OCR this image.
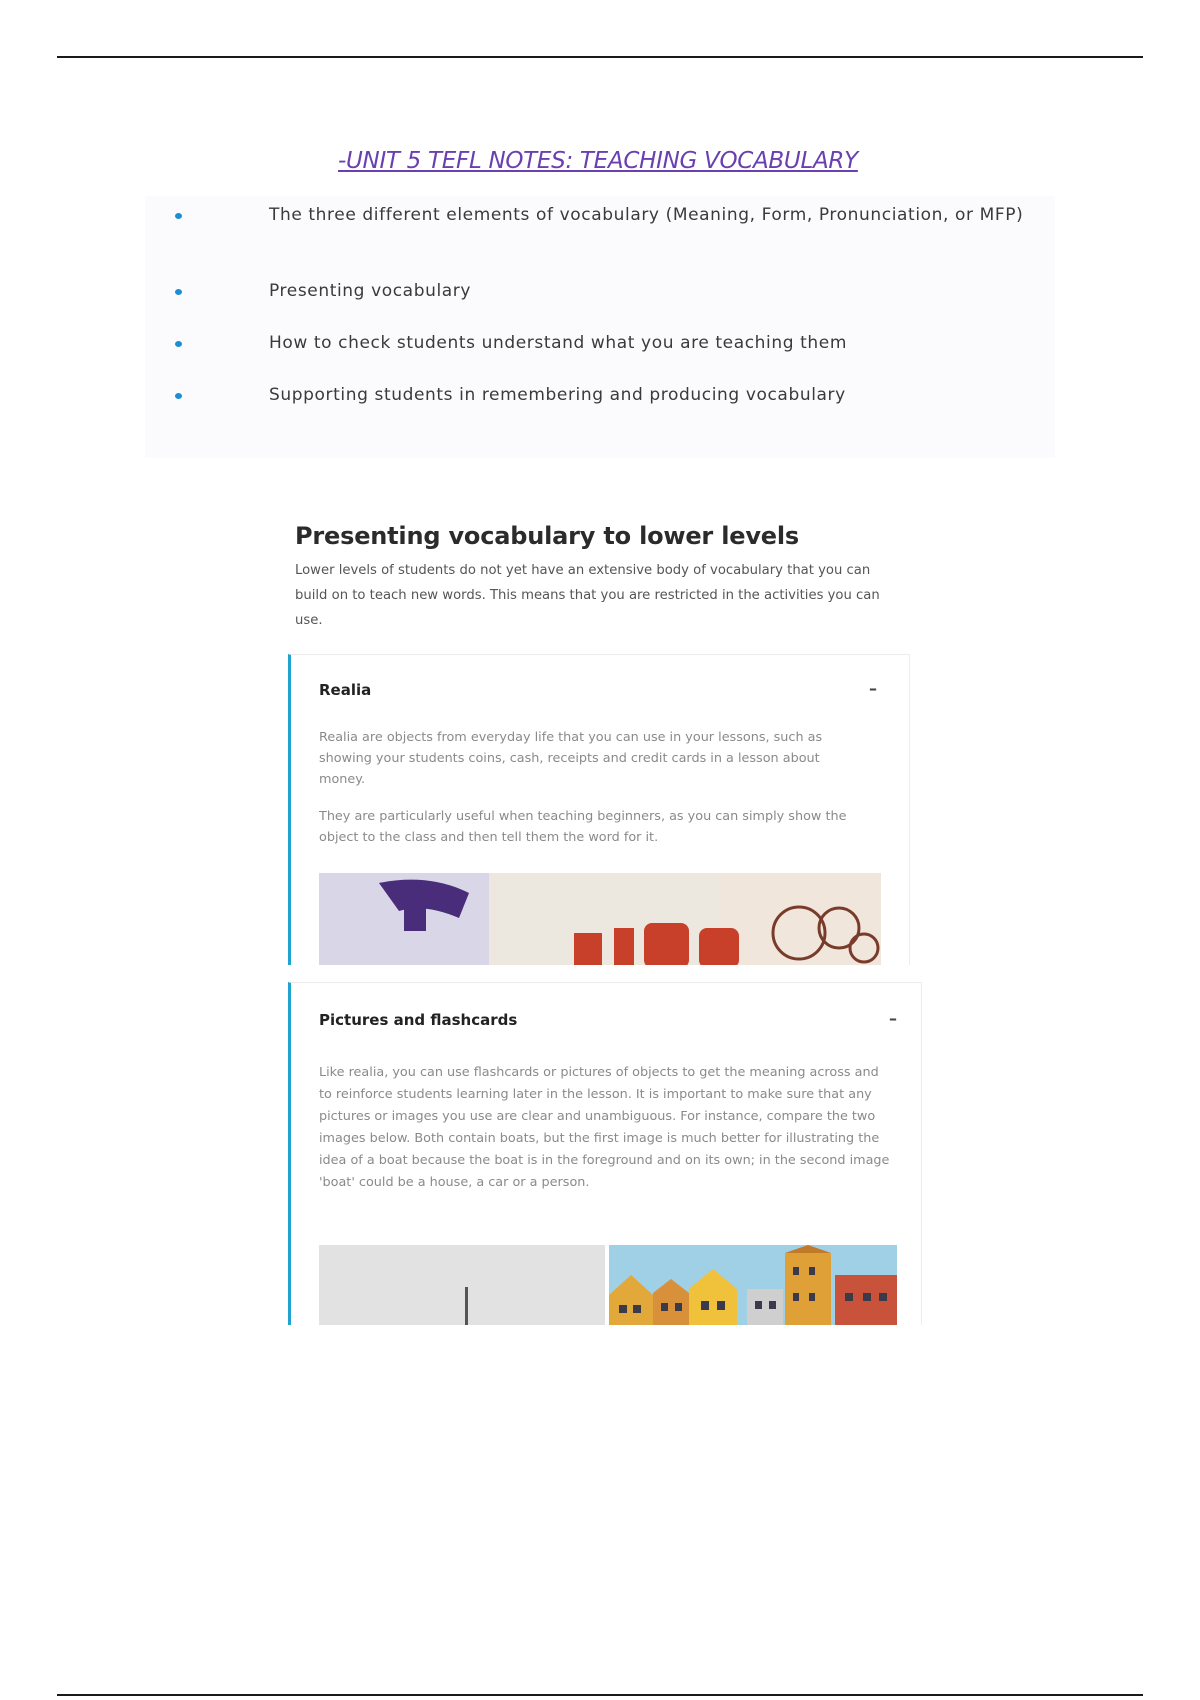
-UNIT 5 TEFL NOTES: TEACHING VOCABULARY
The three different elements of vocabulary (Meaning, Form, Pronunciation, or MFP)
Presenting vocabulary
How to check students understand what you are teaching them
Supporting students in remembering and producing vocabulary
Presenting vocabulary to lower levels

Lower levels of students do not yet have an extensive body of vocabulary that you can build on to teach new words. This means that you are restricted in the activities you can use.

Realia	–

Realia are objects from everyday life that you can use in your lessons, such as showing your students coins, cash, receipts and credit cards in a lesson about money.

They are particularly useful when teaching beginners, as you can simply show the object to the class and then tell them the word for it.

Pictures and flashcards	–

Like realia, you can use flashcards or pictures of objects to get the meaning across and to reinforce students learning later in the lesson. It is important to make sure that any pictures or images you use are clear and unambiguous. For instance, compare the two images below. Both contain boats, but the first image is much better for illustrating the idea of a boat because the boat is in the foreground and on its own; in the second image 'boat' could be a house, a car or a person.
